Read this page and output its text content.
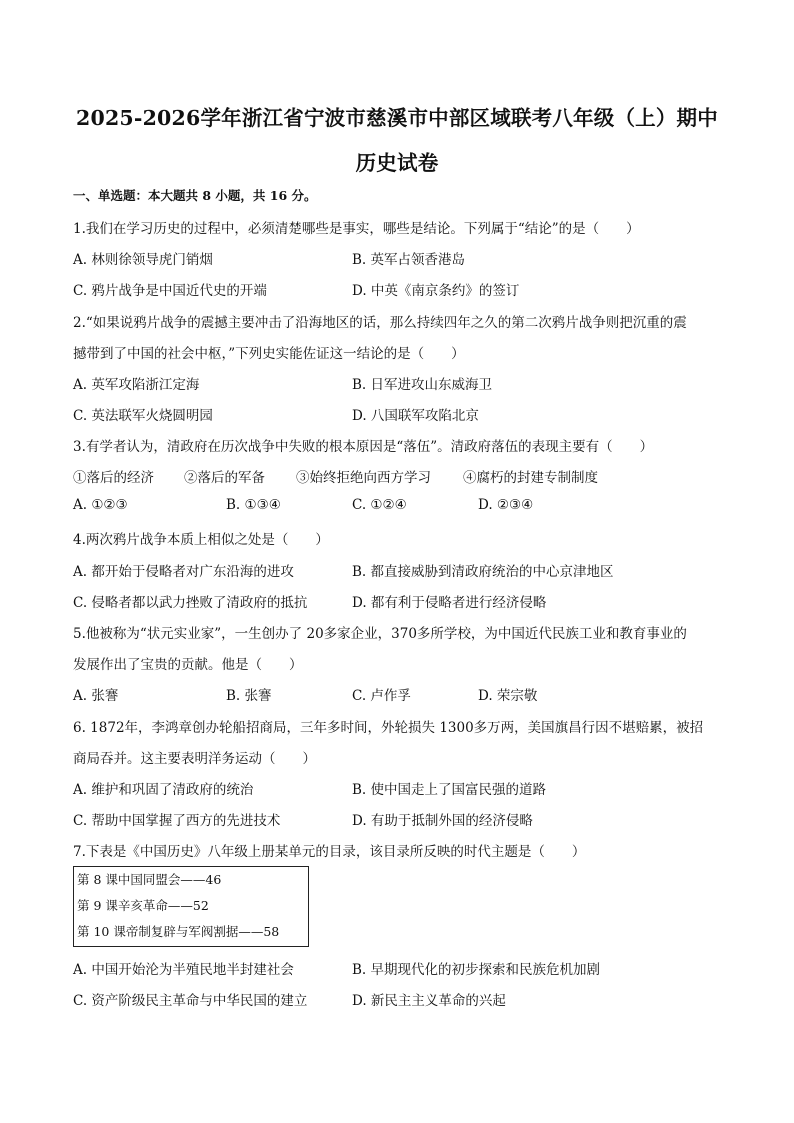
2025-2026学年浙江省宁波市慈溪市中部区域联考八年级（上）期中
历史试卷
一、单选题：本大题共 8 小题，共 16 分。
1.我们在学习历史的过程中，必须清楚哪些是事实，哪些是结论。下列属于“结论”的是（　　）
A. 林则徐领导虎门销烟	B. 英军占领香港岛
C. 鸦片战争是中国近代史的开端	D. 中英《南京条约》的签订
2.“如果说鸦片战争的震撼主要冲击了沿海地区的话，那么持续四年之久的第二次鸦片战争则把沉重的震
撼带到了中国的社会中枢，”下列史实能佐证这一结论的是（　　）
A. 英军攻陷浙江定海	B. 日军进攻山东威海卫
C. 英法联军火烧圆明园	D. 八国联军攻陷北京
3.有学者认为，清政府在历次战争中失败的根本原因是“落伍”。清政府落伍的表现主要有（　　）
①落后的经济 ②落后的军备 ③始终拒绝向西方学习 ④腐朽的封建专制制度
A. ①②③	B. ①③④	C. ①②④	D. ②③④
4.两次鸦片战争本质上相似之处是（　　）
A. 都开始于侵略者对广东沿海的进攻	B. 都直接威胁到清政府统治的中心京津地区
C. 侵略者都以武力挫败了清政府的抵抗	D. 都有利于侵略者进行经济侵略
5.他被称为“状元实业家”，一生创办了 20多家企业，370多所学校，为中国近代民族工业和教育事业的
发展作出了宝贵的贡献。他是（　　）
A. 张謇	B. 张謇	C. 卢作孚	D. 荣宗敬
6. 1872年，李鸿章创办轮船招商局，三年多时间，外轮损失 1300多万两，美国旗昌行因不堪赔累，被招
商局吞并。这主要表明洋务运动（　　）
A. 维护和巩固了清政府的统治	B. 使中国走上了国富民强的道路
C. 帮助中国掌握了西方的先进技术	D. 有助于抵制外国的经济侵略
7.下表是《中国历史》八年级上册某单元的目录，该目录所反映的时代主题是（　　）
第 8 课中国同盟会——46
第 9 课辛亥革命——52
第 10 课帝制复辟与军阀割据——58
A. 中国开始沦为半殖民地半封建社会	B. 早期现代化的初步探索和民族危机加剧
C. 资产阶级民主革命与中华民国的建立	D. 新民主主义革命的兴起
